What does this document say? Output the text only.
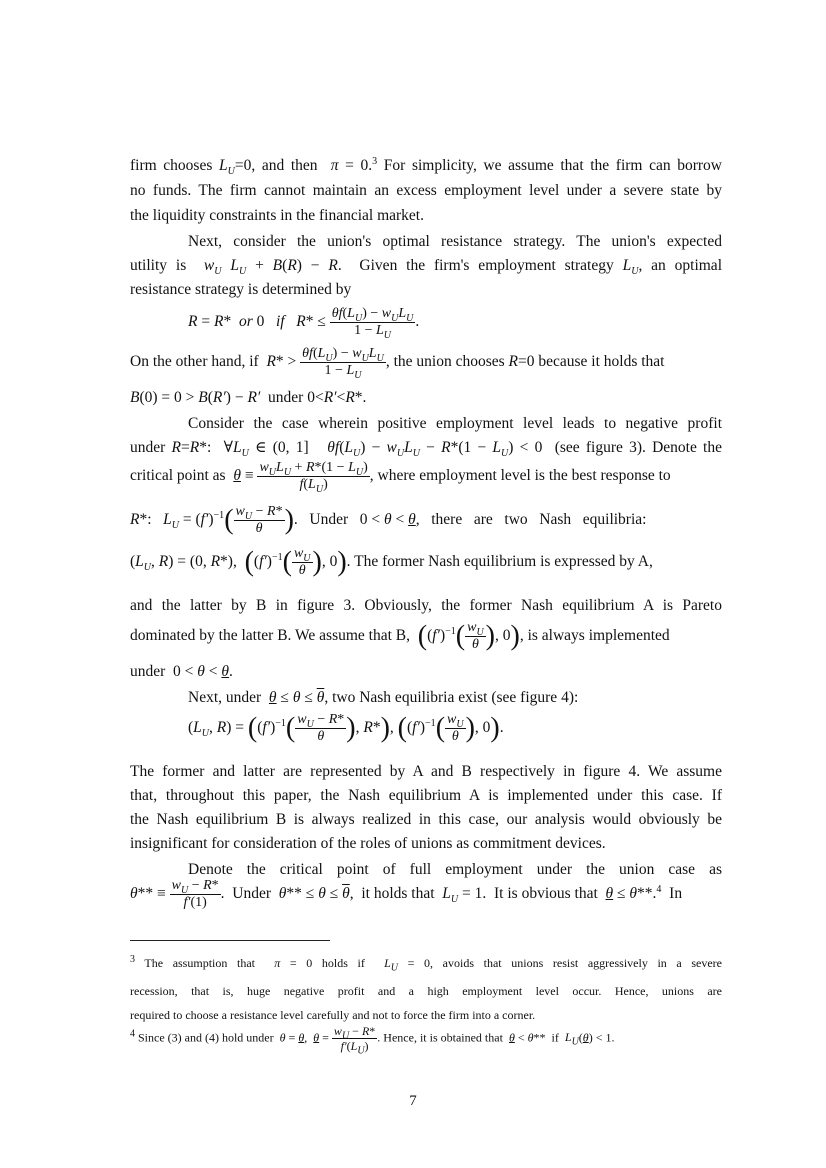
firm chooses $L_U=0$, and then  π = 0.$^3$ For simplicity, we assume that the firm can borrow
no funds. The firm cannot maintain an excess employment level under a severe state by
the liquidity constraints in the financial market.
Next, consider the union's optimal resistance strategy. The union's expected
utility is  $w_U$ $L_U + B(R) - R$.  Given the firm's employment strategy $L_U$, an optimal
resistance strategy is determined by
R = R*  or 0   if $R* \le \frac{\theta f(L_U) - w_UL_U}{1 - L_U}$ .
On the other hand, if  $R* > \frac{\theta f(L_U) - w_UL_U}{1 - L_U}$ , the union chooses R=0 because it holds that
B(0) = 0 > B(R′) − R′  under 0<R′<R*.
Consider the case wherein positive employment level leads to negative profit
under R=R*:  $\forall L_U$ ∈ (0, 1]   $\theta f(L_U) - w_UL_U - R*(1 - L_U) < 0$  (see figure 3). Denote the
critical point as  $\theta \equiv \frac{w_UL_U + R*(1 - L_U)}{f(L_U)}$ , where employment level is the best response to
R*:   $L_U = (f')^{-1}( \frac{w_U - R*}{\theta}$ ).   Under   0 < θ < θ,   there   are   two   Nash   equilibria:
($L_U$, R) = (0, R*),  ($(f')^{-1}( \frac{w_U}{\theta}$ ), 0). The former Nash equilibrium is expressed by A,
and the latter by B in figure 3. Obviously, the former Nash equilibrium A is Pareto
dominated by the latter B. We assume that B,  ($(f')^{-1}( \frac{w_U}{\theta}$ ), 0), is always implemented
under  0 < θ < θ.
Next, under  $\theta \le \theta \le \overline{\theta}$, two Nash equilibria exist (see figure 4):
($L_U$, $R) = ((f')^{-1}( \frac{w_U - R*}{\theta}$ ), R*), ($(f')^{-1}( \frac{w_U}{\theta}$ ), 0).
The former and latter are represented by A and B respectively in figure 4. We assume
that, throughout this paper, the Nash equilibrium A is implemented under this case. If
the Nash equilibrium B is always realized in this case, our analysis would obviously be
insignificant for consideration of the roles of unions as commitment devices.
Denote  the  critical  point  of  full  employment  under  the  union  case  as
$\theta** \equiv \frac{w_U - R*}{f'(1)}$ .  Under  $\theta** \le \theta \le \overline{\theta}$,  it holds that  $L_U = 1$.  It is obvious that  θ ≤ θ**.$^4$  In
$^3$ The assumption that  π = 0 holds if  $L_U = 0$, avoids that unions resist aggressively in a severe
recession, that is, huge negative profit and a high employment level occur. Hence, unions are
required to choose a resistance level carefully and not to force the firm into a corner.
$^4$ Since (3) and (4) hold under  θ = θ,  $\theta = \frac{w_U - R*}{f'(L_U)}$ . Hence, it is obtained that  θ < θ**  if  $L_U(\theta) < 1$.
7
